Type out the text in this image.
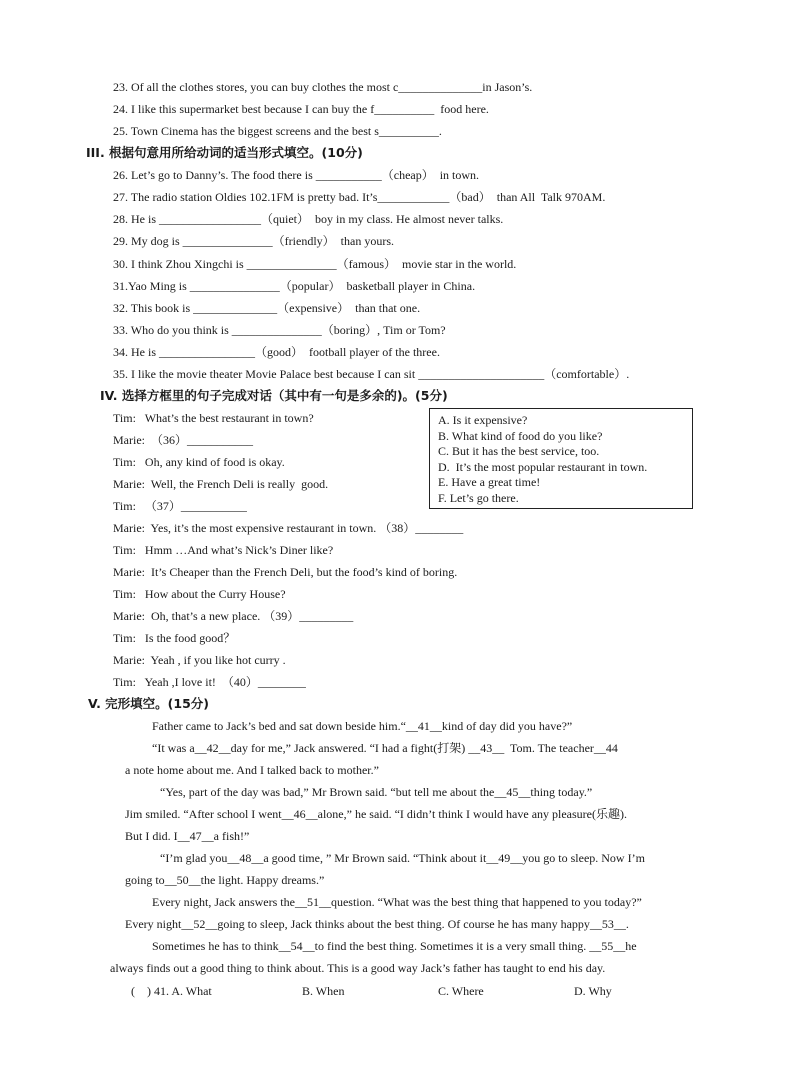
23. Of all the clothes stores, you can buy clothes the most c______________in Jason’s.
24. I like this supermarket best because I can buy the f__________  food here.
25. Town Cinema has the biggest screens and the best s__________.
III. 根据句意用所给动词的适当形式填空。(10分)
26. Let’s go to Danny’s. The food there is ___________（cheap）  in town.
27. The radio station Oldies 102.1FM is pretty bad. It’s____________（bad）  than All  Talk 970AM.
28. He is _________________（quiet）  boy in my class. He almost never talks.
29. My dog is _______________（friendly）  than yours.
30. I think Zhou Xingchi is _______________（famous）  movie star in the world.
31.Yao Ming is _______________（popular）  basketball player in China.
32. This book is ______________（expensive）  than that one.
33. Who do you think is _______________（boring）, Tim or Tom?
34. He is ________________（good）  football player of the three.
35. I like the movie theater Movie Palace best because I can sit _____________________（comfortable）.
IV. 选择方框里的句子完成对话（其中有一句是多余的)。(5分)
Tim:   What’s the best restaurant in town?
Marie:  （36）___________
Tim:   Oh, any kind of food is okay.
Marie:  Well, the French Deli is really  good.
Tim:   （37）___________
Marie:  Yes, it’s the most expensive restaurant in town. （38）________
Tim:   Hmm …And what’s Nick’s Diner like?
Marie:  It’s Cheaper than the French Deli, but the food’s kind of boring.
Tim:   How about the Curry House?
Marie:  Oh, that’s a new place. （39）_________
Tim:   Is the food good？
Marie:  Yeah , if you like hot curry .
Tim:   Yeah ,I love it!  （40）________
A. Is it expensive?
B. What kind of food do you like?
C. But it has the best service, too.
D.  It’s the most popular restaurant in town.
E. Have a great time!
F. Let’s go there.
V. 完形填空。(15分)
Father came to Jack’s bed and sat down beside him.“__41__kind of day did you have?”
“It was a__42__day for me,” Jack answered. “I had a fight(打架) __43__  Tom. The teacher__44
a note home about me. And I talked back to mother.”
“Yes, part of the day was bad,” Mr Brown said. “but tell me about the__45__thing today.”
Jim smiled. “After school I went__46__alone,” he said. “I didn’t think I would have any pleasure(乐趣).
But I did. I__47__a fish!”
“I’m glad you__48__a good time, ” Mr Brown said. “Think about it__49__you go to sleep. Now I’m
going to__50__the light. Happy dreams.”
Every night, Jack answers the__51__question. “What was the best thing that happened to you today?”
Every night__52__going to sleep, Jack thinks about the best thing. Of course he has many happy__53__.
Sometimes he has to think__54__to find the best thing. Sometimes it is a very small thing. __55__he
always finds out a good thing to think about. This is a good way Jack’s father has taught to end his day.
(    ) 41. A. What	B. When	C. Where	D. Why
